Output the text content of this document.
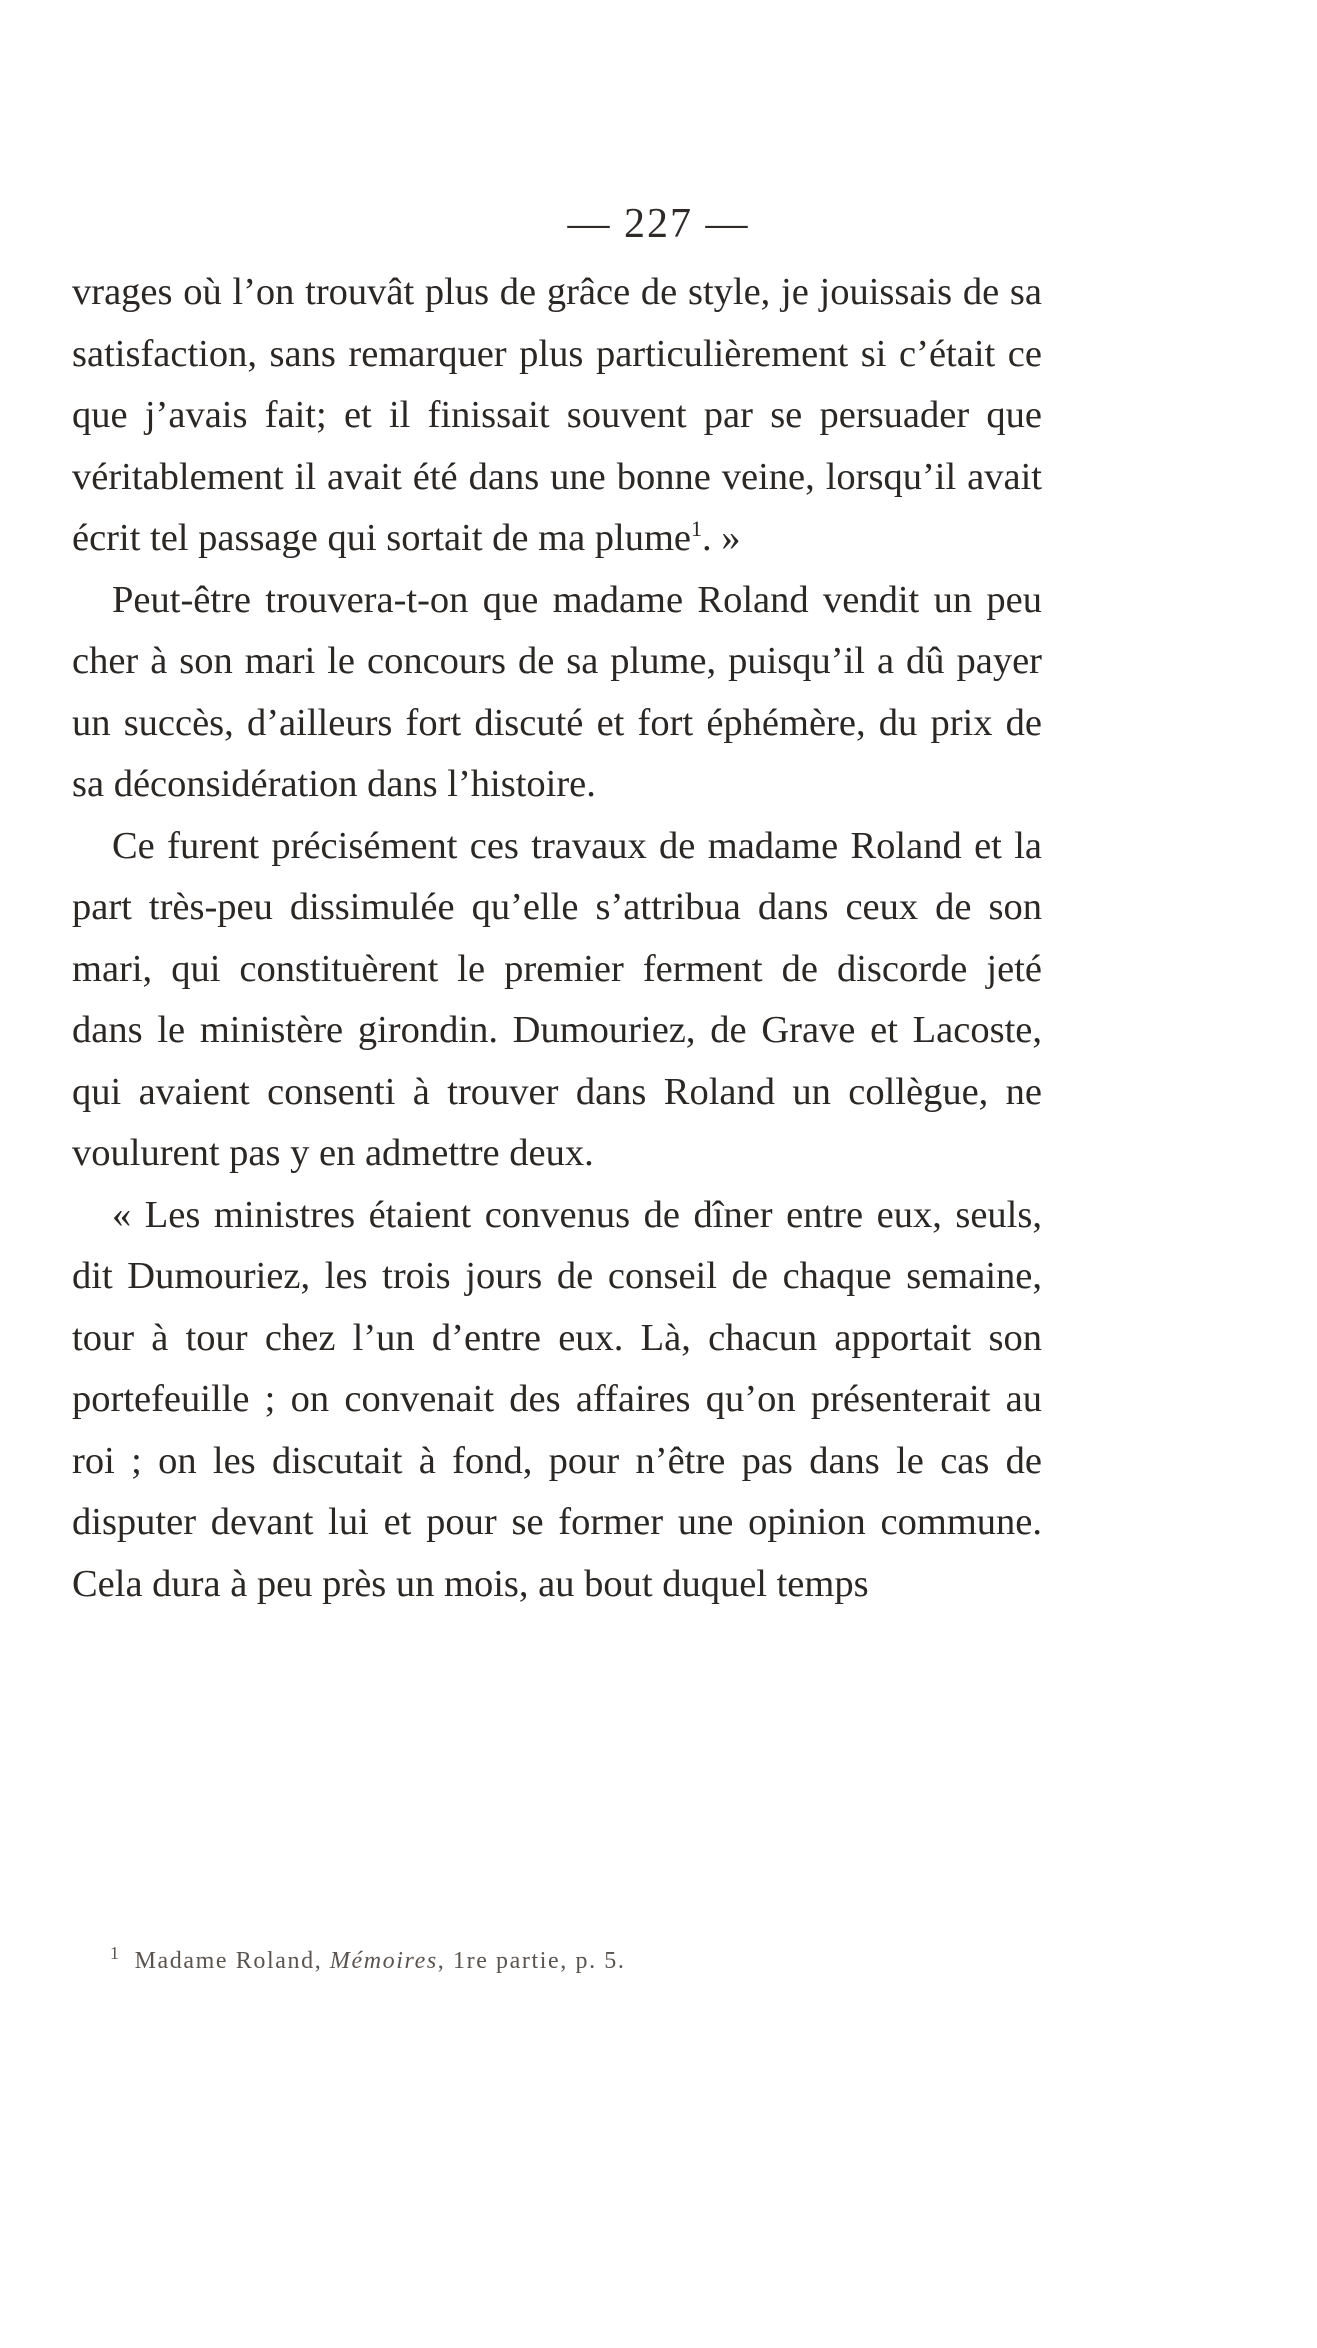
— 227 —

vrages où l’on trouvât plus de grâce de style, je jouissais de sa satisfaction, sans remarquer plus particulièrement si c’était ce que j’avais fait; et il finissait souvent par se persuader que véritablement il avait été dans une bonne veine, lorsqu’il avait écrit tel passage qui sortait de ma plume$^1$. »

Peut-être trouvera-t-on que madame Roland vendit un peu cher à son mari le concours de sa plume, puisqu’il a dû payer un succès, d’ailleurs fort discuté et fort éphémère, du prix de sa déconsidération dans l’histoire.

Ce furent précisément ces travaux de madame Roland et la part très-peu dissimulée qu’elle s’attribua dans ceux de son mari, qui constituèrent le premier ferment de discorde jeté dans le ministère girondin. Dumouriez, de Grave et Lacoste, qui avaient consenti à trouver dans Roland un collègue, ne voulurent pas y en admettre deux.

« Les ministres étaient convenus de dîner entre eux, seuls, dit Dumouriez, les trois jours de conseil de chaque semaine, tour à tour chez l’un d’entre eux. Là, chacun apportait son portefeuille ; on convenait des affaires qu’on présenterait au roi ; on les discutait à fond, pour n’être pas dans le cas de disputer devant lui et pour se former une opinion commune. Cela dura à peu près un mois, au bout duquel temps

$^1$ Madame Roland, Mémoires, 1re partie, p. 5.
